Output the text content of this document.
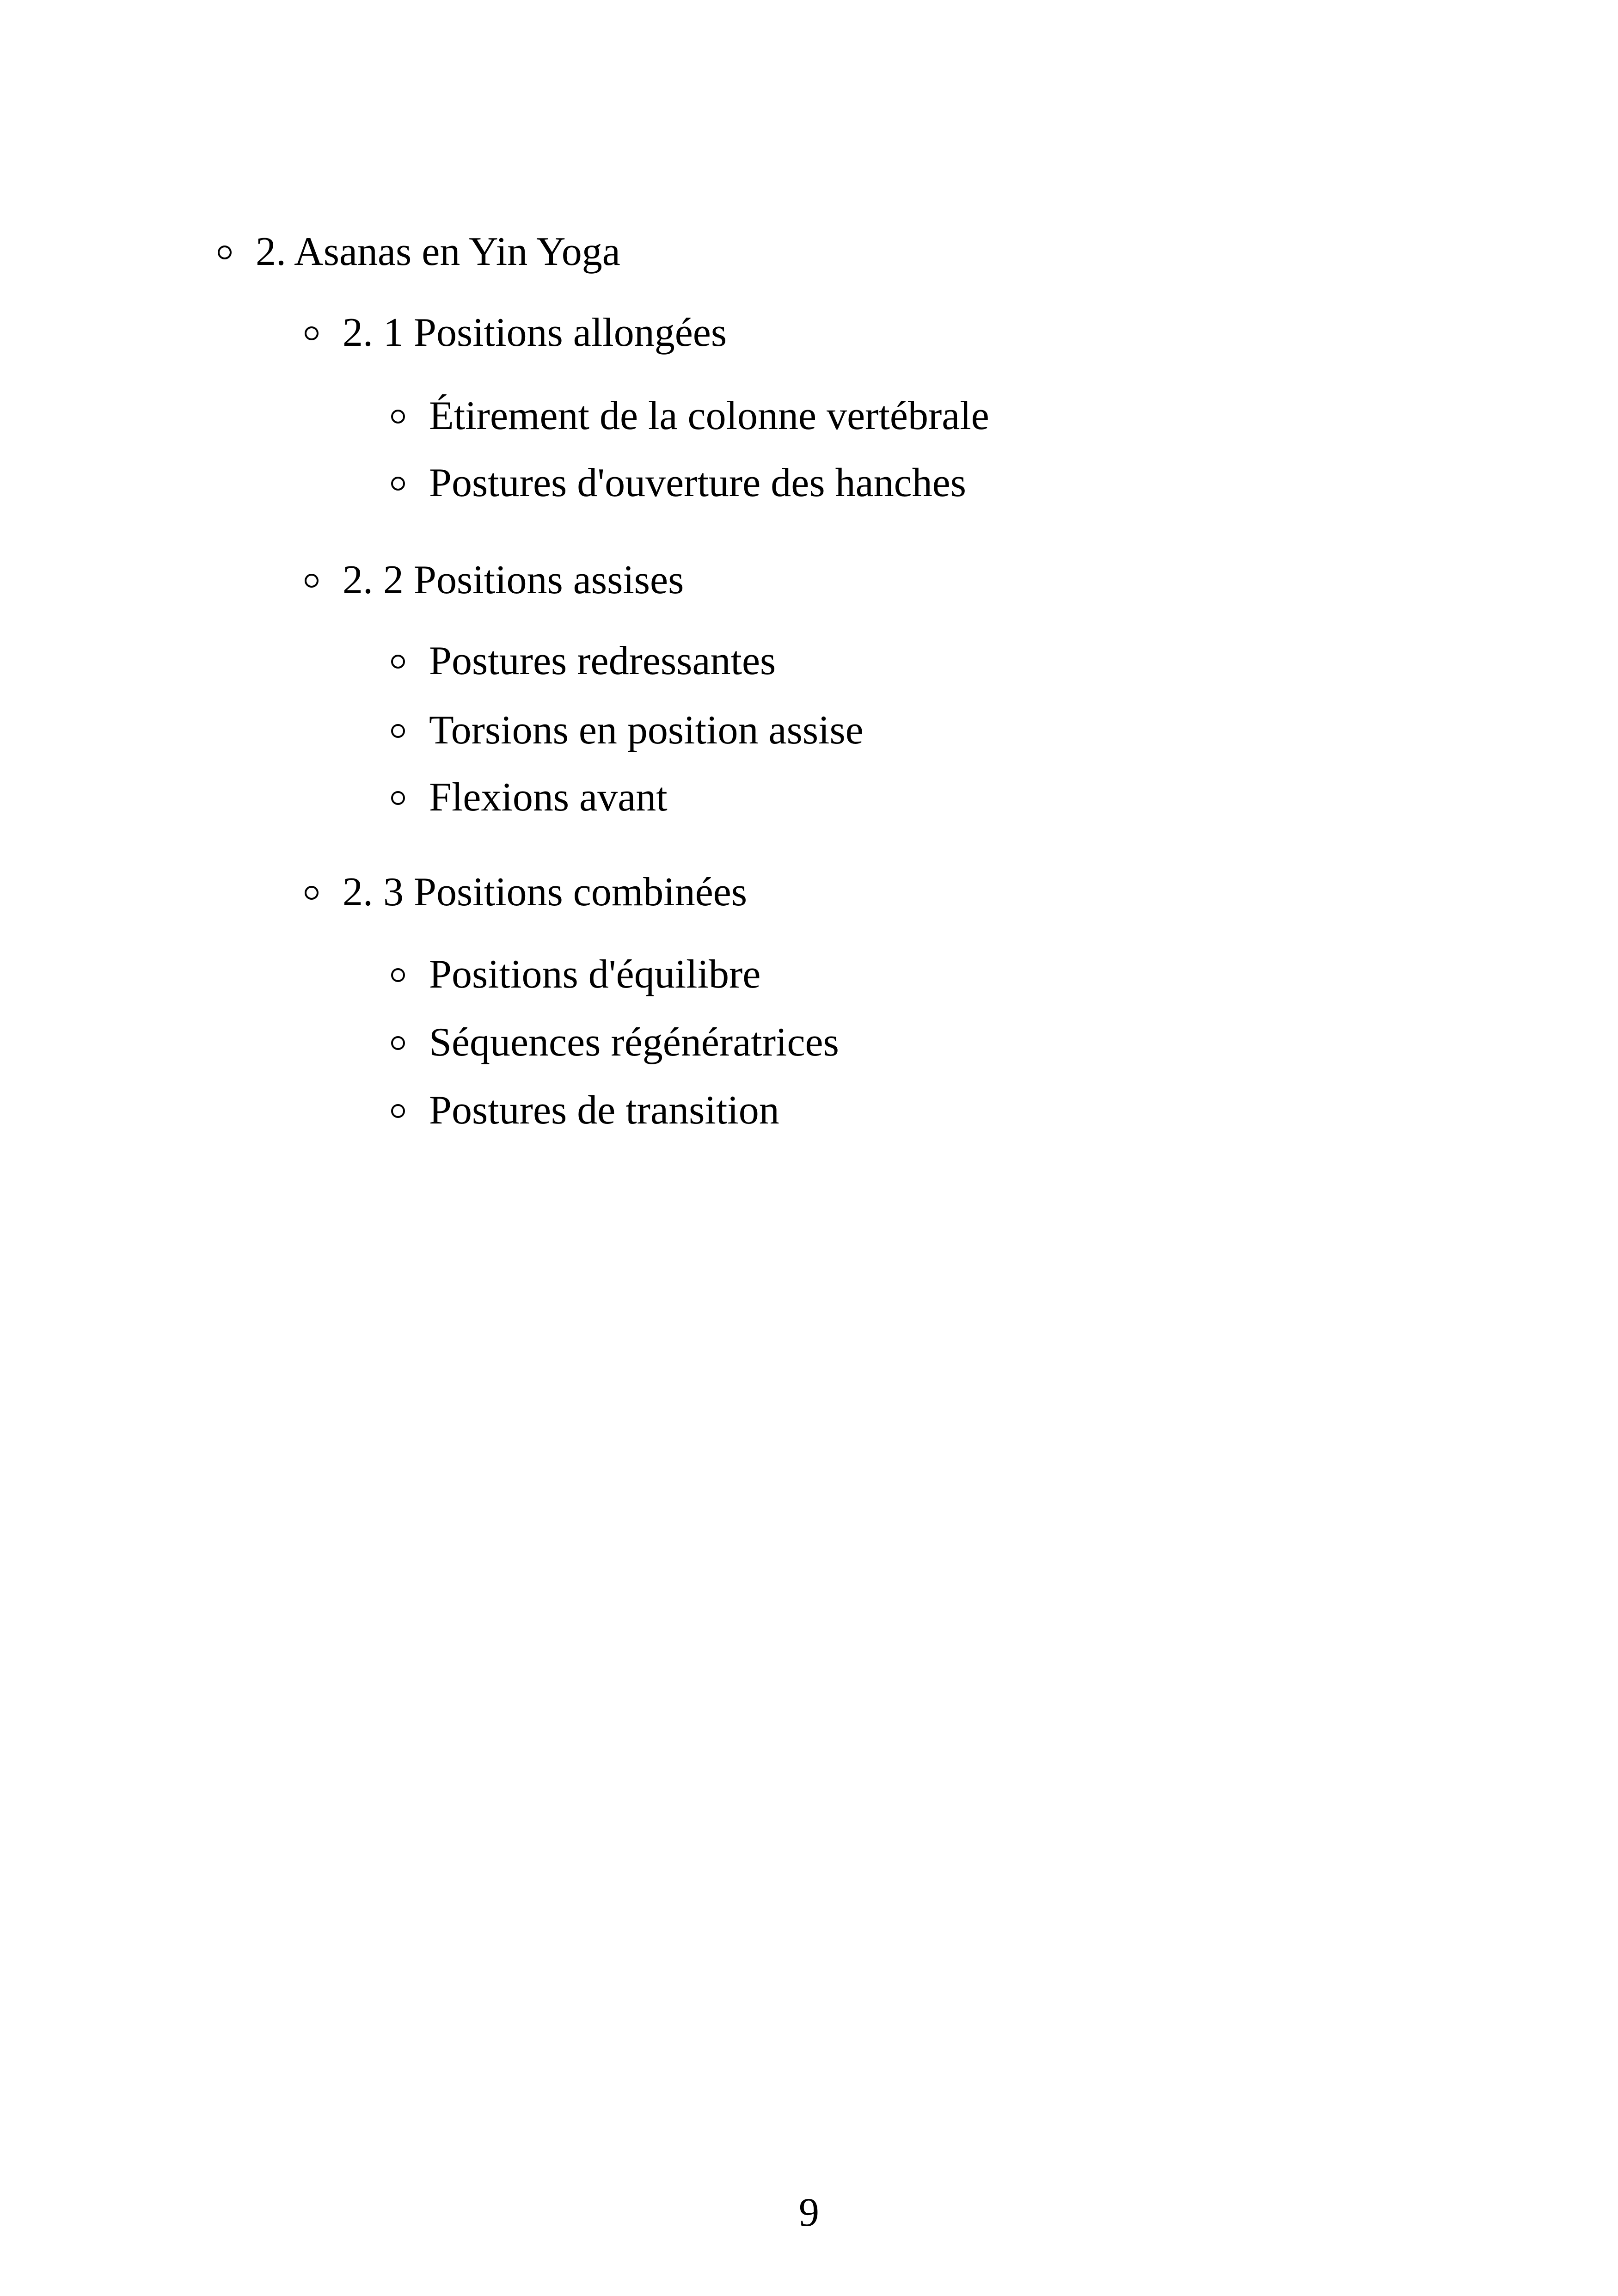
2. Asanas en Yin Yoga
2. 1 Positions allongées
Étirement de la colonne vertébrale
Postures d'ouverture des hanches
2. 2 Positions assises
Postures redressantes
Torsions en position assise
Flexions avant
2. 3 Positions combinées
Positions d'équilibre
Séquences régénératrices
Postures de transition
9
